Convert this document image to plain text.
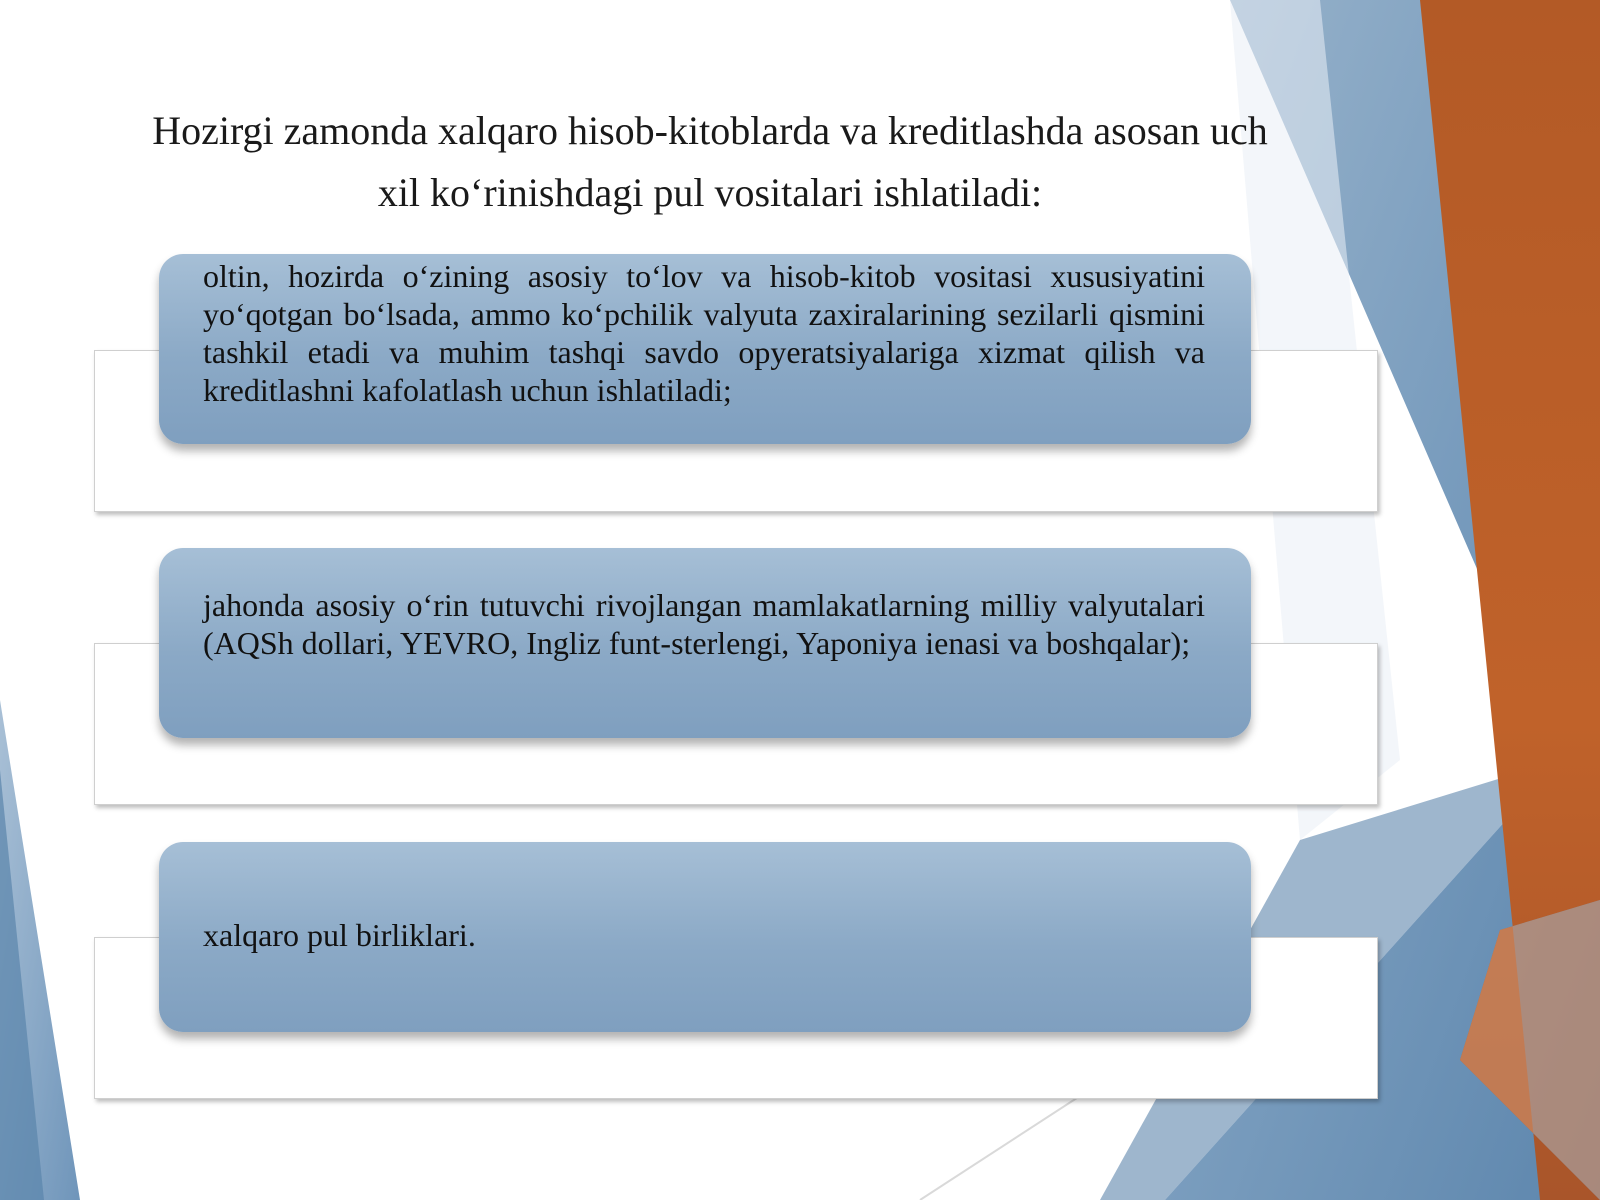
Hozirgi zamonda xalqaro hisob-kitoblarda va kreditlashda asosan uch xil ko‘rinishdagi pul vositalari ishlatiladi:

oltin, hozirda o‘zining asosiy to‘lov va hisob-kitob vositasi xususiyatini yo‘qotgan bo‘lsada, ammo ko‘pchilik valyuta zaxiralarining sezilarli qismini tashkil etadi va muhim tashqi savdo opyeratsiyalariga xizmat qilish va kreditlashni kafolatlash uchun ishlatiladi;

jahonda asosiy o‘rin tutuvchi rivojlangan mamlakatlarning milliy valyutalari (AQSh dollari, YEVRO, Ingliz funt-sterlengi, Yaponiya ienasi va boshqalar);

xalqaro pul birliklari.
